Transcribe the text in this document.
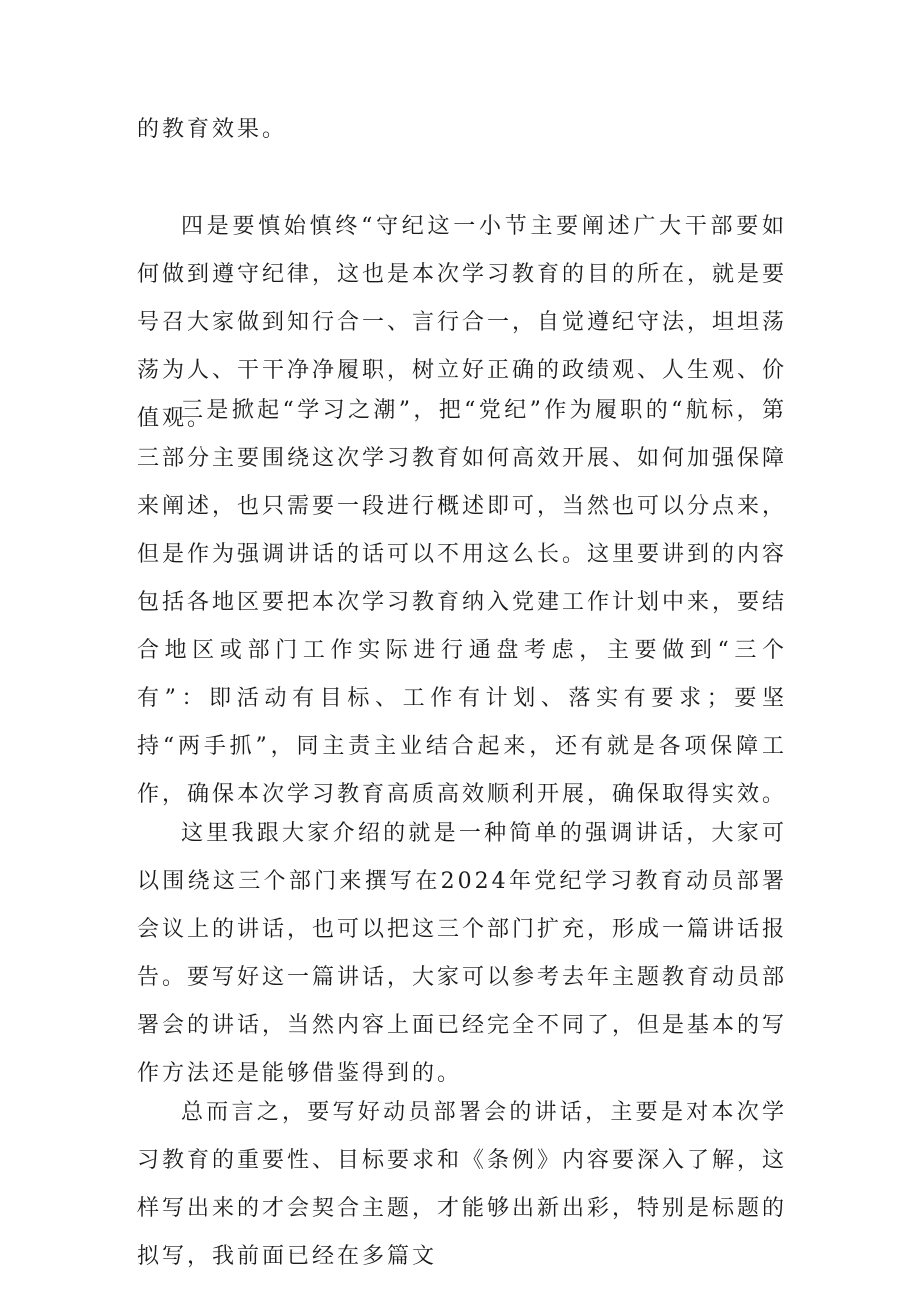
的教育效果。

四是要慎始慎终“守纪这一小节主要阐述广大干部要如何做到遵守纪律，这也是本次学习教育的目的所在，就是要号召大家做到知行合一、言行合一，自觉遵纪守法，坦坦荡荡为人、干干净净履职，树立好正确的政绩观、人生观、价值观。

三是掀起“学习之潮”，把“党纪”作为履职的“航标，第三部分主要围绕这次学习教育如何高效开展、如何加强保障来阐述，也只需要一段进行概述即可，当然也可以分点来，但是作为强调讲话的话可以不用这么长。这里要讲到的内容包括各地区要把本次学习教育纳入党建工作计划中来，要结合地区或部门工作实际进行通盘考虑，主要做到“三个有”：即活动有目标、工作有计划、落实有要求；要坚持“两手抓”，同主责主业结合起来，还有就是各项保障工作，确保本次学习教育高质高效顺利开展，确保取得实效。

这里我跟大家介绍的就是一种简单的强调讲话，大家可以围绕这三个部门来撰写在2024年党纪学习教育动员部署会议上的讲话，也可以把这三个部门扩充，形成一篇讲话报告。要写好这一篇讲话，大家可以参考去年主题教育动员部署会的讲话，当然内容上面已经完全不同了，但是基本的写作方法还是能够借鉴得到的。

总而言之，要写好动员部署会的讲话，主要是对本次学习教育的重要性、目标要求和《条例》内容要深入了解，这样写出来的才会契合主题，才能够出新出彩，特别是标题的拟写，我前面已经在多篇文
